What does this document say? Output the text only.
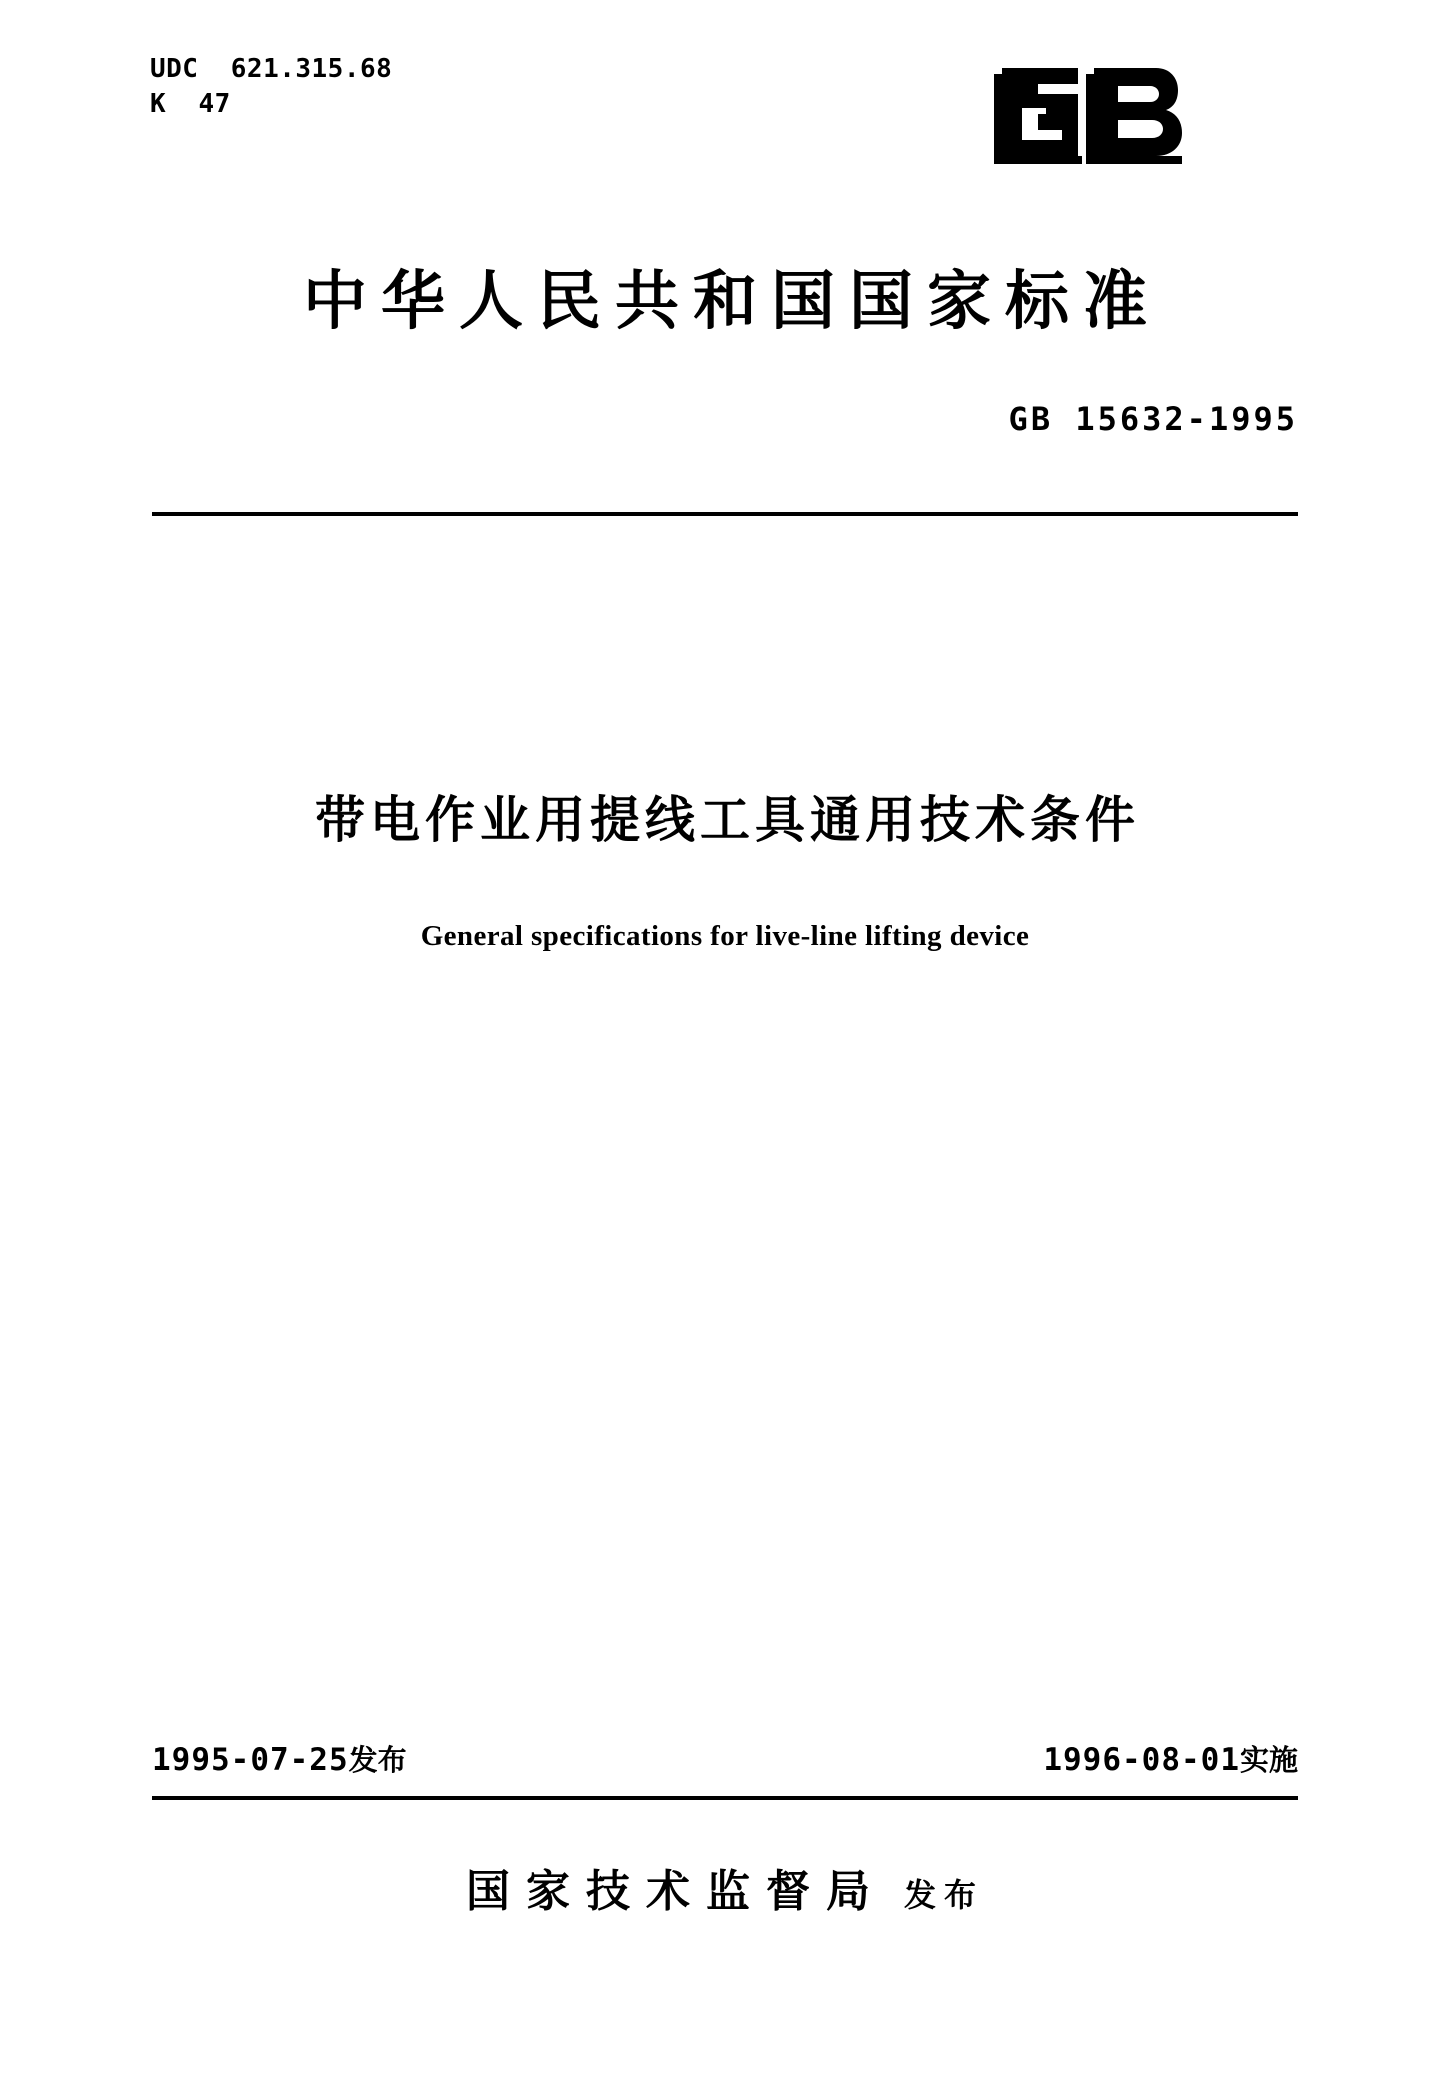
UDC  621.315.68
K  47
中华人民共和国国家标准
GB 15632-1995
带电作业用提线工具通用技术条件
General specifications for live-line lifting device
1995-07-25发布	1996-08-01实施
国家技术监督局 发布
